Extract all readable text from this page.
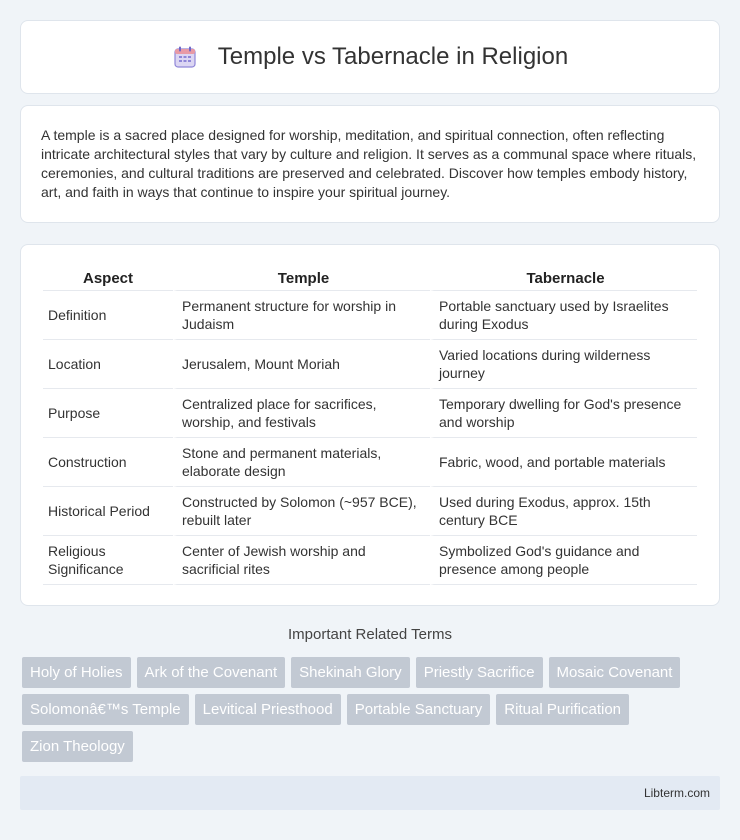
Temple vs Tabernacle in Religion

A temple is a sacred place designed for worship, meditation, and spiritual connection, often reflecting intricate architectural styles that vary by culture and religion. It serves as a communal space where rituals, ceremonies, and cultural traditions are preserved and celebrated. Discover how temples embody history, art, and faith in ways that continue to inspire your spiritual journey.

Aspect	Temple	Tabernacle
Definition	Permanent structure for worship in Judaism	Portable sanctuary used by Israelites during Exodus
Location	Jerusalem, Mount Moriah	Varied locations during wilderness journey
Purpose	Centralized place for sacrifices, worship, and festivals	Temporary dwelling for God's presence and worship
Construction	Stone and permanent materials, elaborate design	Fabric, wood, and portable materials
Historical Period	Constructed by Solomon (~957 BCE), rebuilt later	Used during Exodus, approx. 15th century BCE
Religious Significance	Center of Jewish worship and sacrificial rites	Symbolized God's guidance and presence among people
Important Related Terms
Holy of Holies	Ark of the Covenant	Shekinah Glory	Priestly Sacrifice	Mosaic Covenant
Solomonâ€™s Temple	Levitical Priesthood	Portable Sanctuary	Ritual Purification
Zion Theology
Libterm.com
